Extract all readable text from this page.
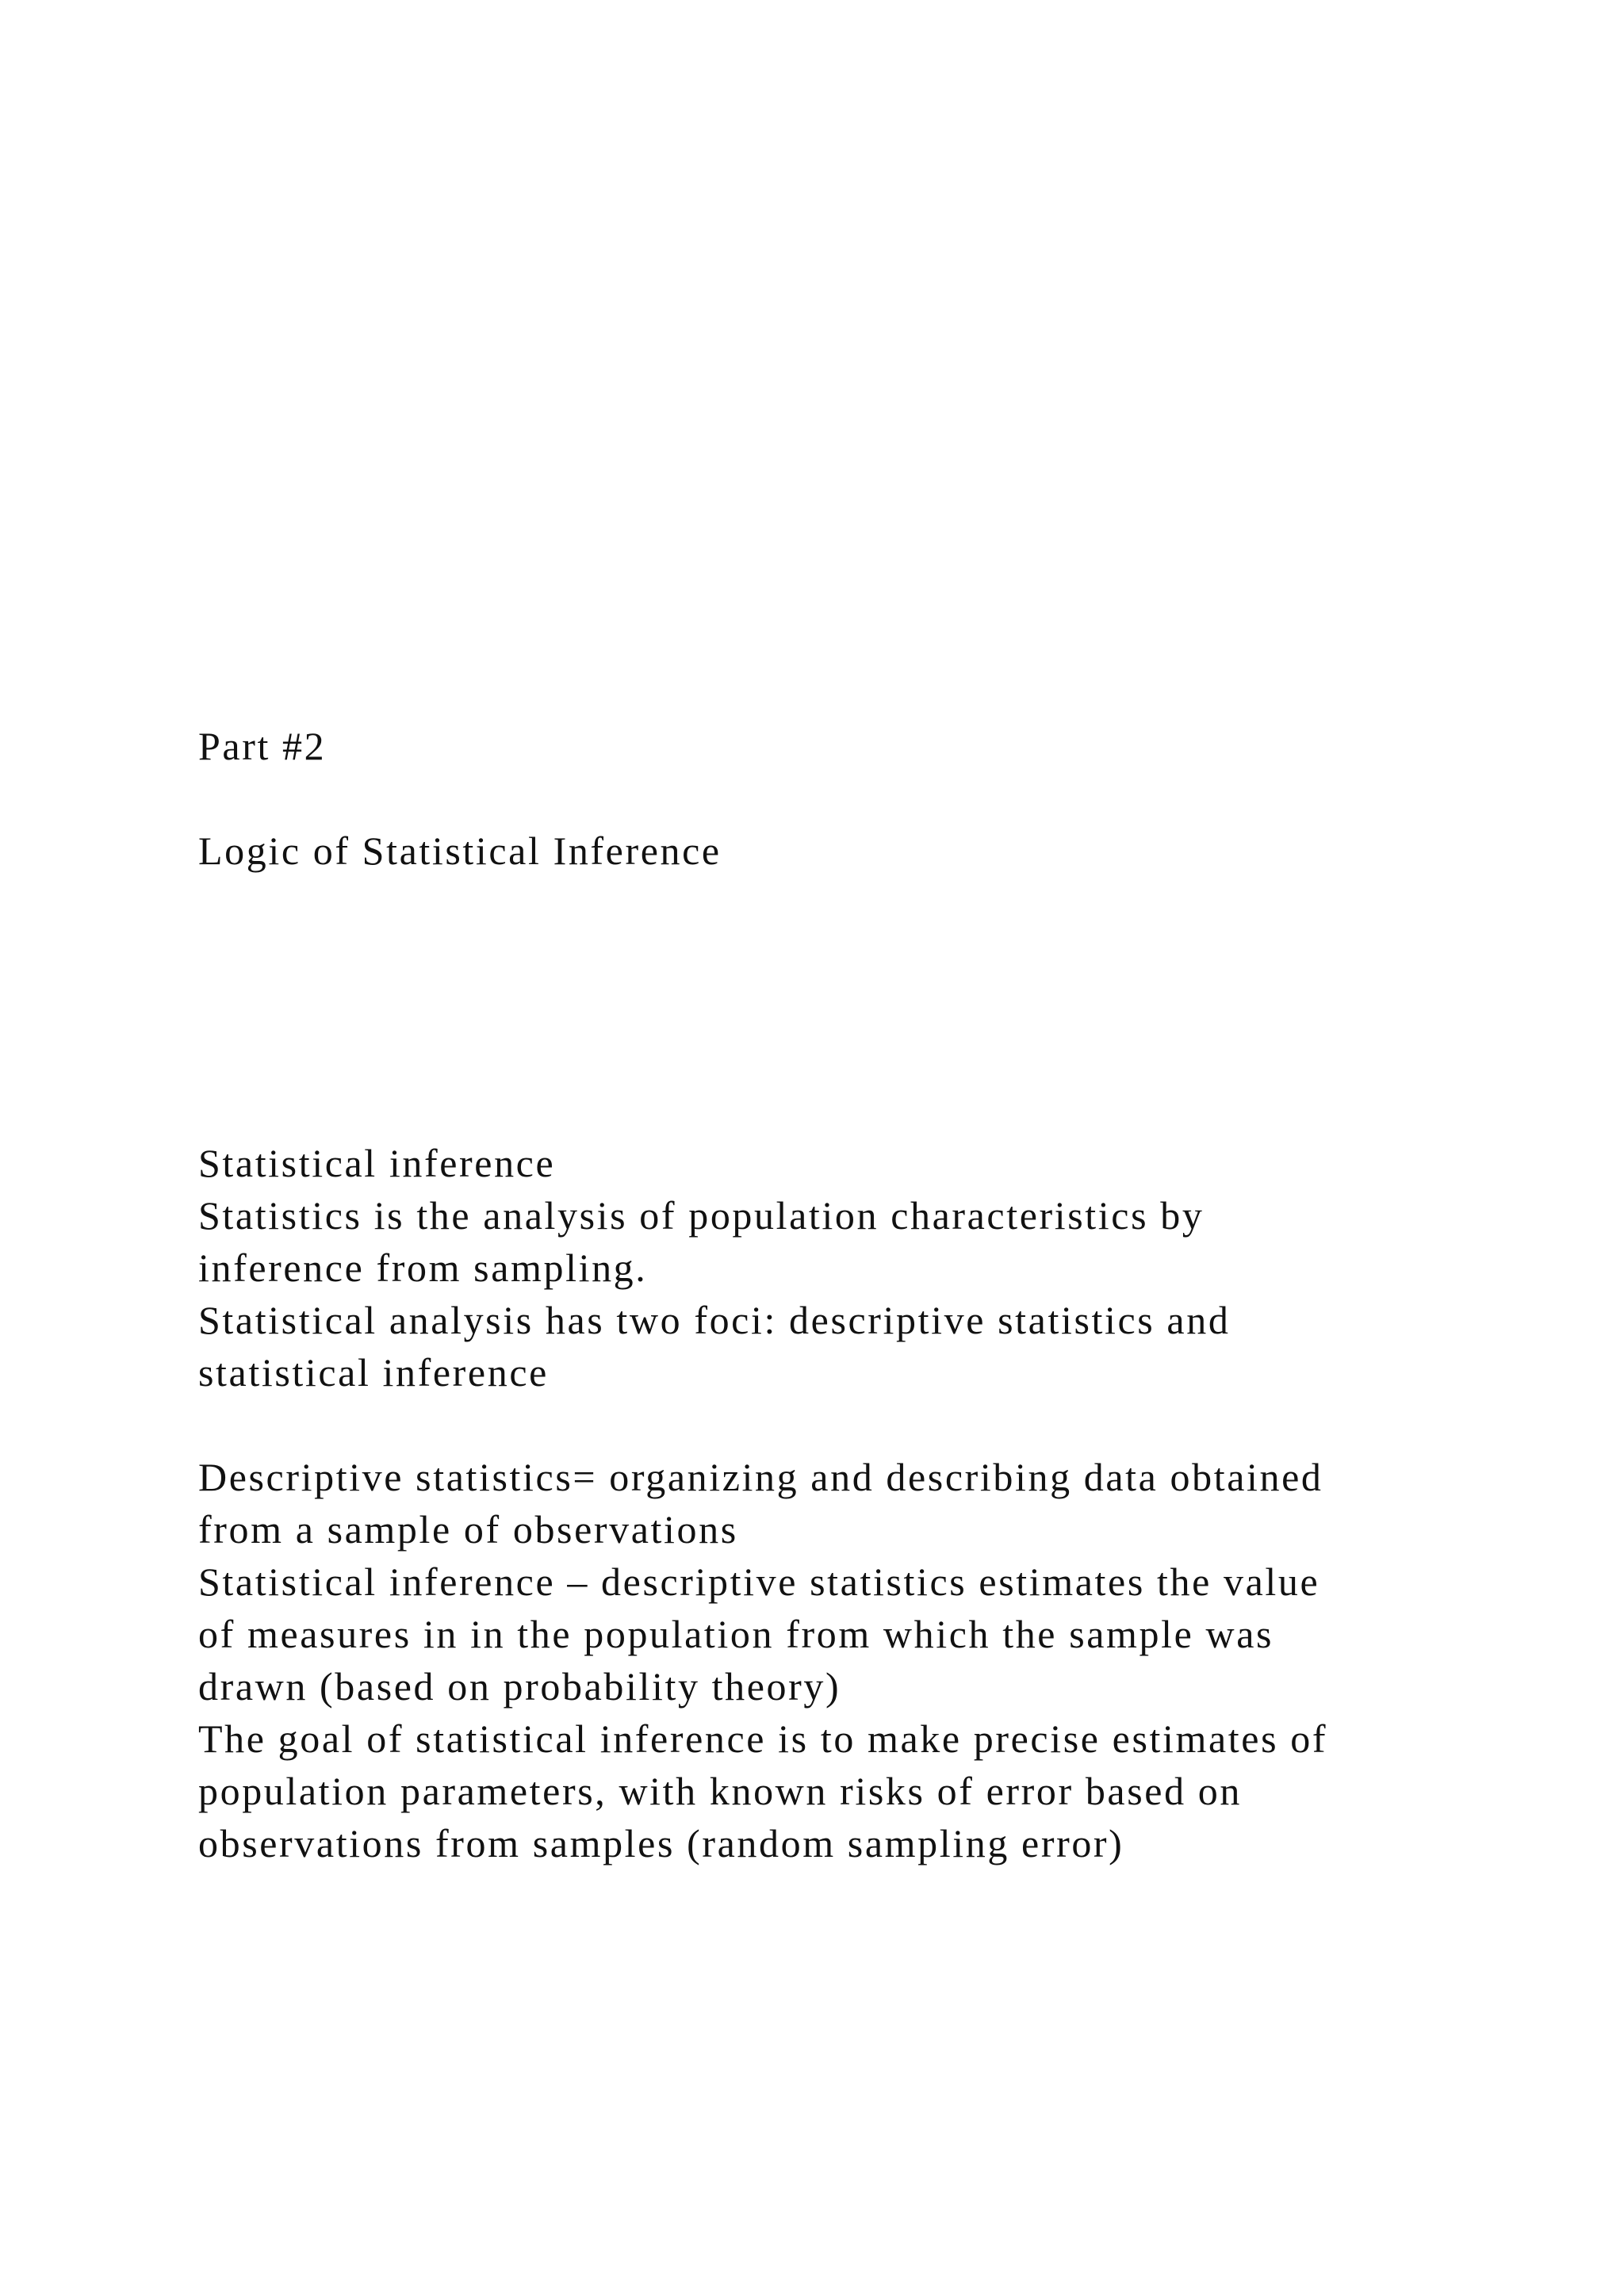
Part #2

Logic of Statistical Inference

Statistical inference

Statistics is the analysis of population characteristics by

inference from sampling.

Statistical analysis has two foci: descriptive statistics and

statistical inference

Descriptive statistics= organizing and describing data obtained

from a sample of observations

Statistical inference – descriptive statistics estimates the value

of measures in in the population from which the sample was

drawn (based on probability theory)

The goal of statistical inference is to make precise estimates of

population parameters, with known risks of error based on

observations from samples (random sampling error)
